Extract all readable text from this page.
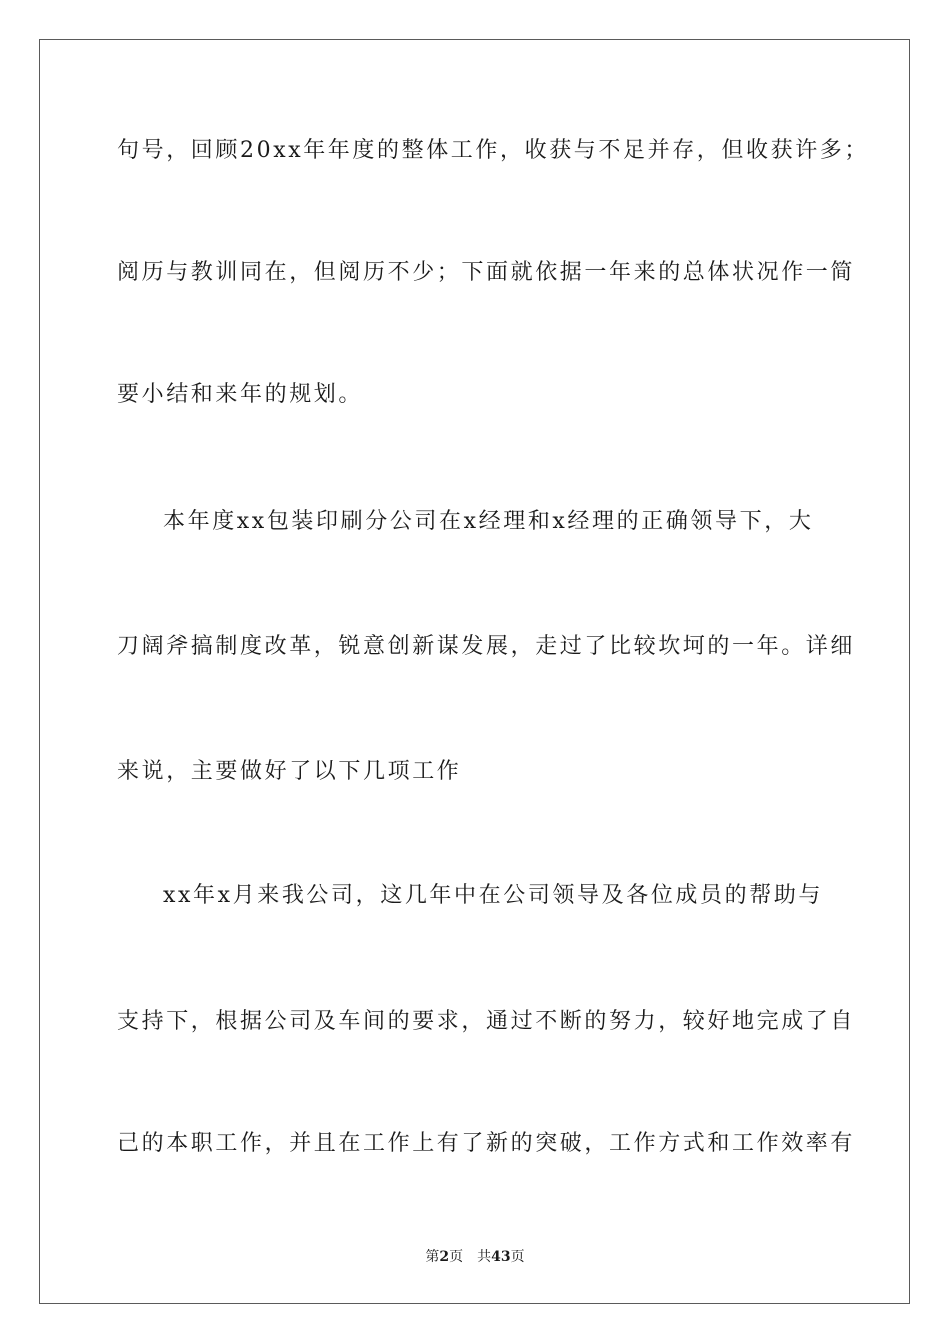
句号，回顾20xx年年度的整体工作，收获与不足并存，但收获许多；
阅历与教训同在，但阅历不少；下面就依据一年来的总体状况作一简
要小结和来年的规划。
本年度xx包装印刷分公司在x经理和x经理的正确领导下，大
刀阔斧搞制度改革，锐意创新谋发展，走过了比较坎坷的一年。详细
来说，主要做好了以下几项工作
xx年x月来我公司，这几年中在公司领导及各位成员的帮助与
支持下，根据公司及车间的要求，通过不断的努力，较好地完成了自
己的本职工作，并且在工作上有了新的突破，工作方式和工作效率有
第2页 共43页
